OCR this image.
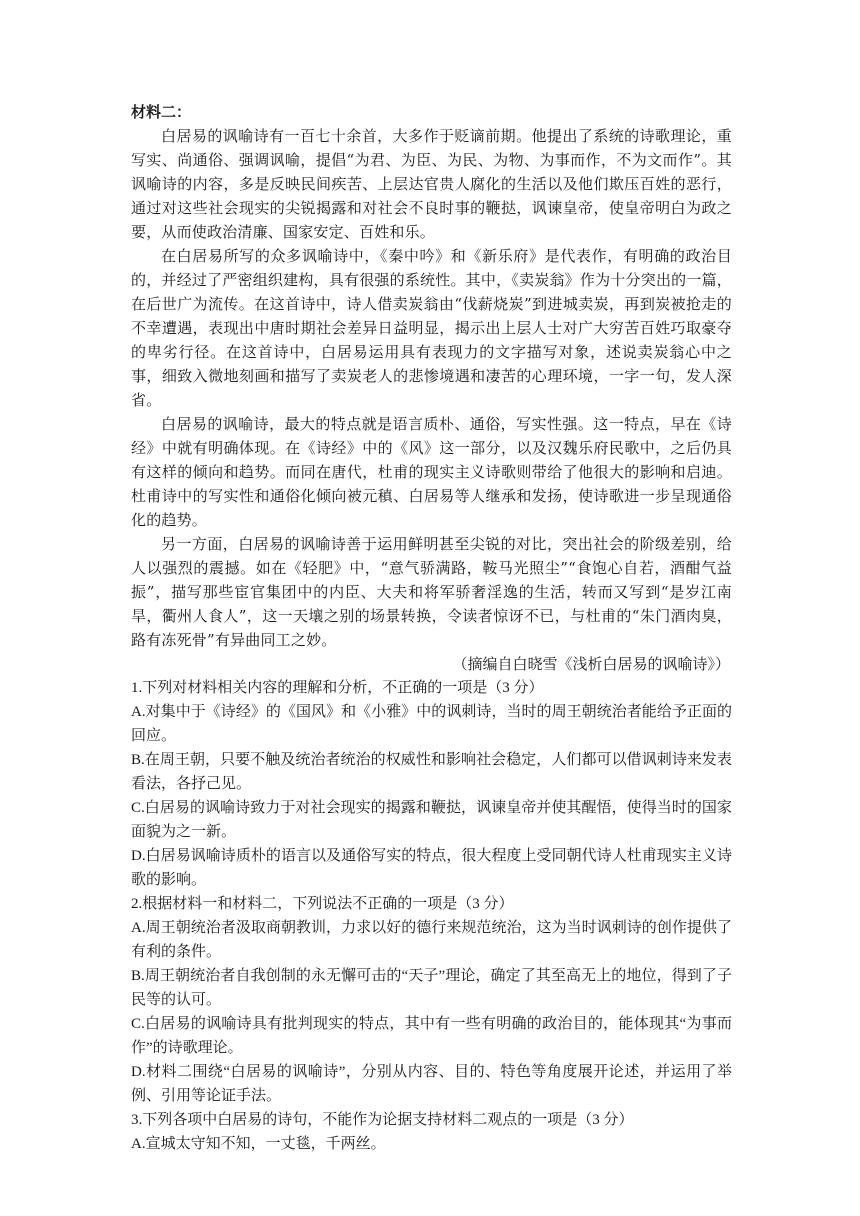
材料二：

白居易的讽喻诗有一百七十余首，大多作于贬谪前期。他提出了系统的诗歌理论，重写实、尚通俗、强调讽喻，提倡“为君、为臣、为民、为物、为事而作，不为文而作”。其讽喻诗的内容，多是反映民间疾苦、上层达官贵人腐化的生活以及他们欺压百姓的恶行，通过对这些社会现实的尖锐揭露和对社会不良时事的鞭挞，讽谏皇帝，使皇帝明白为政之要，从而使政治清廉、国家安定、百姓和乐。

在白居易所写的众多讽喻诗中，《秦中吟》和《新乐府》是代表作，有明确的政治目的，并经过了严密组织建构，具有很强的系统性。其中，《卖炭翁》作为十分突出的一篇，在后世广为流传。在这首诗中，诗人借卖炭翁由“伐薪烧炭”到进城卖炭，再到炭被抢走的不幸遭遇，表现出中唐时期社会差异日益明显，揭示出上层人士对广大穷苦百姓巧取豪夺的卑劣行径。在这首诗中，白居易运用具有表现力的文字描写对象，述说卖炭翁心中之事，细致入微地刻画和描写了卖炭老人的悲惨境遇和凄苦的心理环境，一字一句，发人深省。

白居易的讽喻诗，最大的特点就是语言质朴、通俗，写实性强。这一特点，早在《诗经》中就有明确体现。在《诗经》中的《风》这一部分，以及汉魏乐府民歌中，之后仍具有这样的倾向和趋势。而同在唐代，杜甫的现实主义诗歌则带给了他很大的影响和启迪。杜甫诗中的写实性和通俗化倾向被元稹、白居易等人继承和发扬，使诗歌进一步呈现通俗化的趋势。

另一方面，白居易的讽喻诗善于运用鲜明甚至尖锐的对比，突出社会的阶级差别，给人以强烈的震撼。如在《轻肥》中，“意气骄满路，鞍马光照尘”“食饱心自若，酒酣气益振”，描写那些宦官集团中的内臣、大夫和将军骄奢淫逸的生活，转而又写到“是岁江南旱，衢州人食人”，这一天壤之别的场景转换，令读者惊讶不已，与杜甫的“朱门酒肉臭，路有冻死骨”有异曲同工之妙。

（摘编自白晓雪《浅析白居易的讽喻诗》）

1.下列对材料相关内容的理解和分析，不正确的一项是（3 分）

A.对集中于《诗经》的《国风》和《小雅》中的讽刺诗，当时的周王朝统治者能给予正面的回应。

B.在周王朝，只要不触及统治者统治的权威性和影响社会稳定，人们都可以借讽刺诗来发表看法，各抒己见。

C.白居易的讽喻诗致力于对社会现实的揭露和鞭挞，讽谏皇帝并使其醒悟，使得当时的国家面貌为之一新。

D.白居易讽喻诗质朴的语言以及通俗写实的特点，很大程度上受同朝代诗人杜甫现实主义诗歌的影响。

2.根据材料一和材料二，下列说法不正确的一项是（3 分）

A.周王朝统治者汲取商朝教训，力求以好的德行来规范统治，这为当时讽刺诗的创作提供了有利的条件。

B.周王朝统治者自我创制的永无懈可击的“天子”理论，确定了其至高无上的地位，得到了子民等的认可。

C.白居易的讽喻诗具有批判现实的特点，其中有一些有明确的政治目的，能体现其“为事而作”的诗歌理论。

D.材料二围绕“白居易的讽喻诗”，分别从内容、目的、特色等角度展开论述，并运用了举例、引用等论证手法。

3.下列各项中白居易的诗句，不能作为论据支持材料二观点的一项是（3 分）

A.宣城太守知不知，一丈毯，千两丝。
